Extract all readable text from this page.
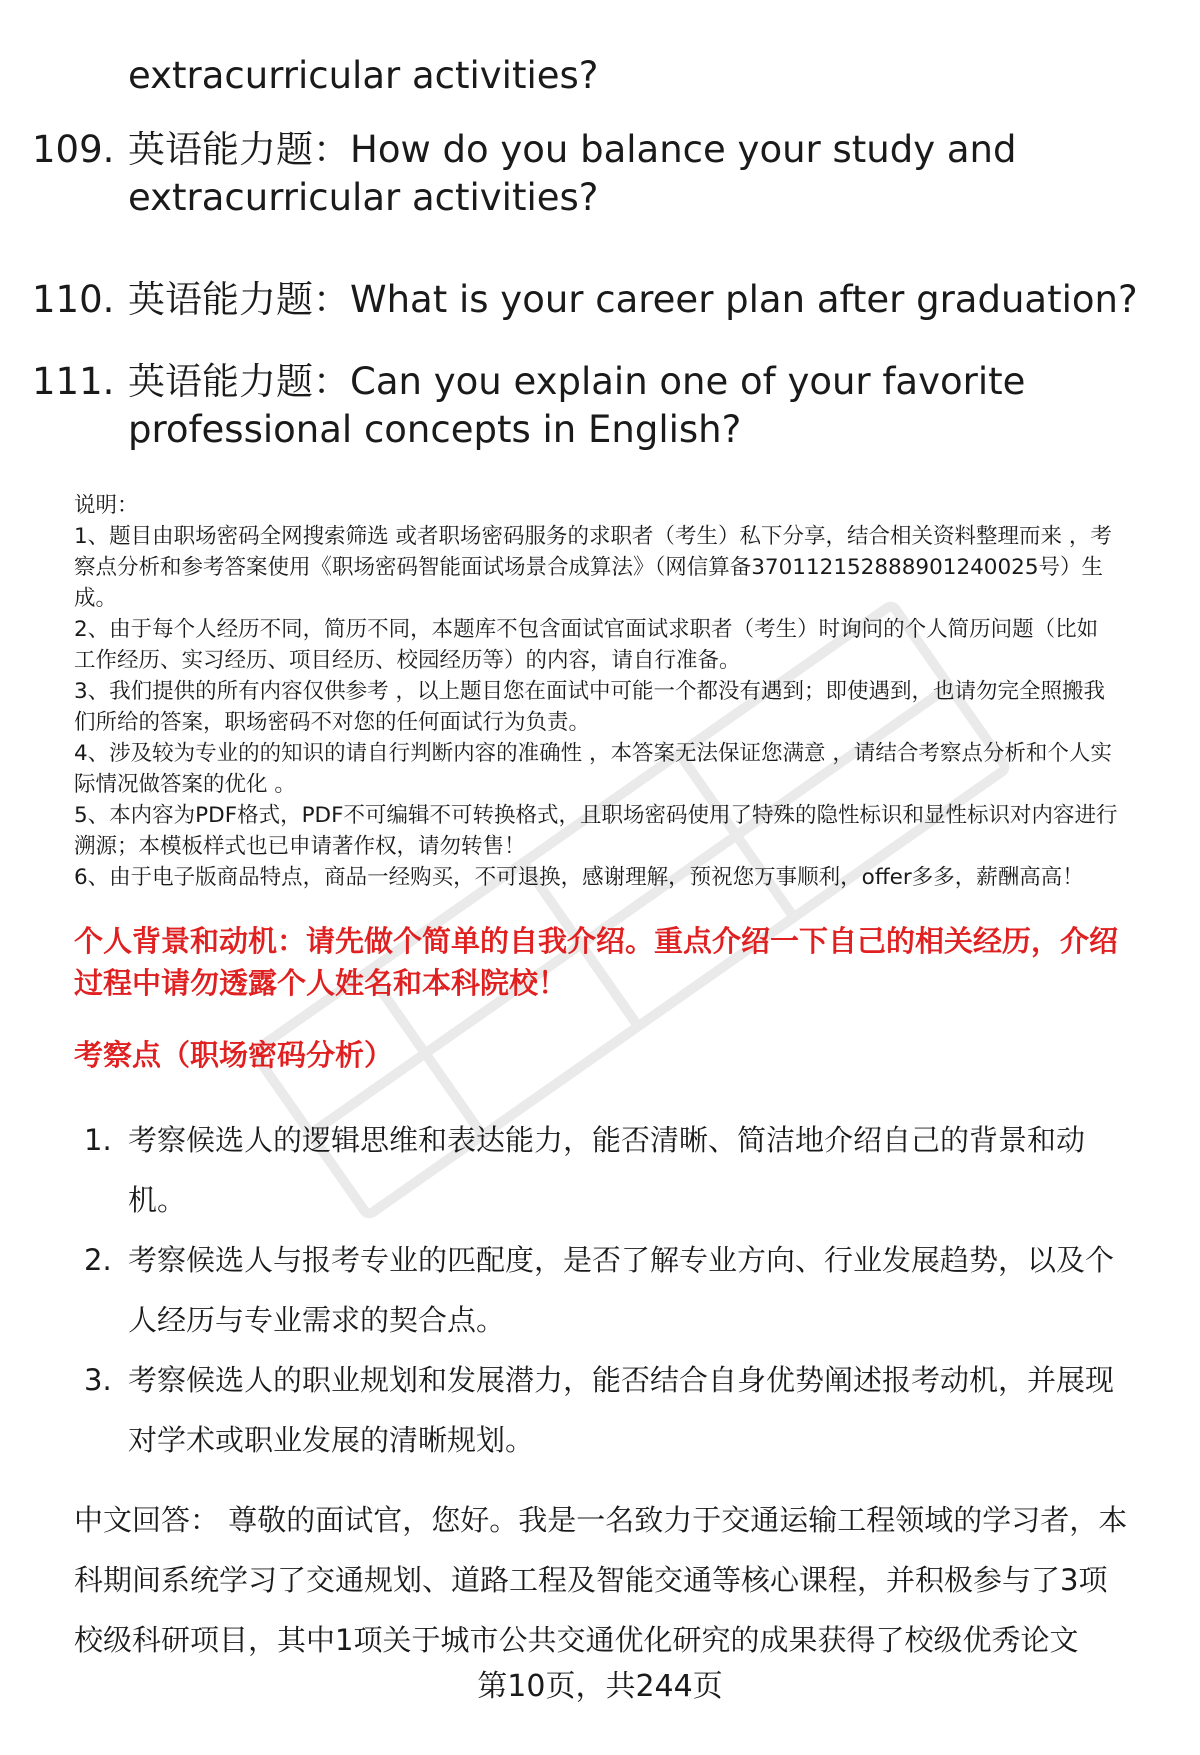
extracurricular activities?
109. 英语能力题：How do you balance your study and
extracurricular activities?
110. 英语能力题：What is your career plan after graduation?
111. 英语能力题：Can you explain one of your favorite
professional concepts in English?
说明：
1、题目由职场密码全网搜索筛选 或者职场密码服务的求职者（考生）私下分享，结合相关资料整理而来 ，考
察点分析和参考答案使用《职场密码智能面试场景合成算法》（网信算备370112152888901240025号）生
成。
2、由于每个人经历不同，简历不同，本题库不包含面试官面试求职者（考生）时询问的个人简历问题（比如
工作经历、实习经历、项目经历、校园经历等）的内容，请自行准备。
3、我们提供的所有内容仅供参考 ，以上题目您在面试中可能一个都没有遇到；即使遇到，也请勿完全照搬我
们所给的答案，职场密码不对您的任何面试行为负责。
4、涉及较为专业的的知识的请自行判断内容的准确性 ，本答案无法保证您满意 ，请结合考察点分析和个人实
际情况做答案的优化 。
5、本内容为PDF格式，PDF不可编辑不可转换格式，且职场密码使用了特殊的隐性标识和显性标识对内容进行
溯源；本模板样式也已申请著作权，请勿转售！
6、由于电子版商品特点，商品一经购买，不可退换，感谢理解，预祝您万事顺利，offer多多，薪酬高高！
个人背景和动机：请先做个简单的自我介绍。重点介绍一下自己的相关经历，介绍
过程中请勿透露个人姓名和本科院校！
考察点（职场密码分析）
1. 考察候选人的逻辑思维和表达能力，能否清晰、简洁地介绍自己的背景和动
机。
2. 考察候选人与报考专业的匹配度，是否了解专业方向、行业发展趋势，以及个
人经历与专业需求的契合点。
3. 考察候选人的职业规划和发展潜力，能否结合自身优势阐述报考动机，并展现
对学术或职业发展的清晰规划。
中文回答： 尊敬的面试官，您好。我是一名致力于交通运输工程领域的学习者，本
科期间系统学习了交通规划、道路工程及智能交通等核心课程，并积极参与了3项
校级科研项目，其中1项关于城市公共交通优化研究的成果获得了校级优秀论文
第10页，共244页
